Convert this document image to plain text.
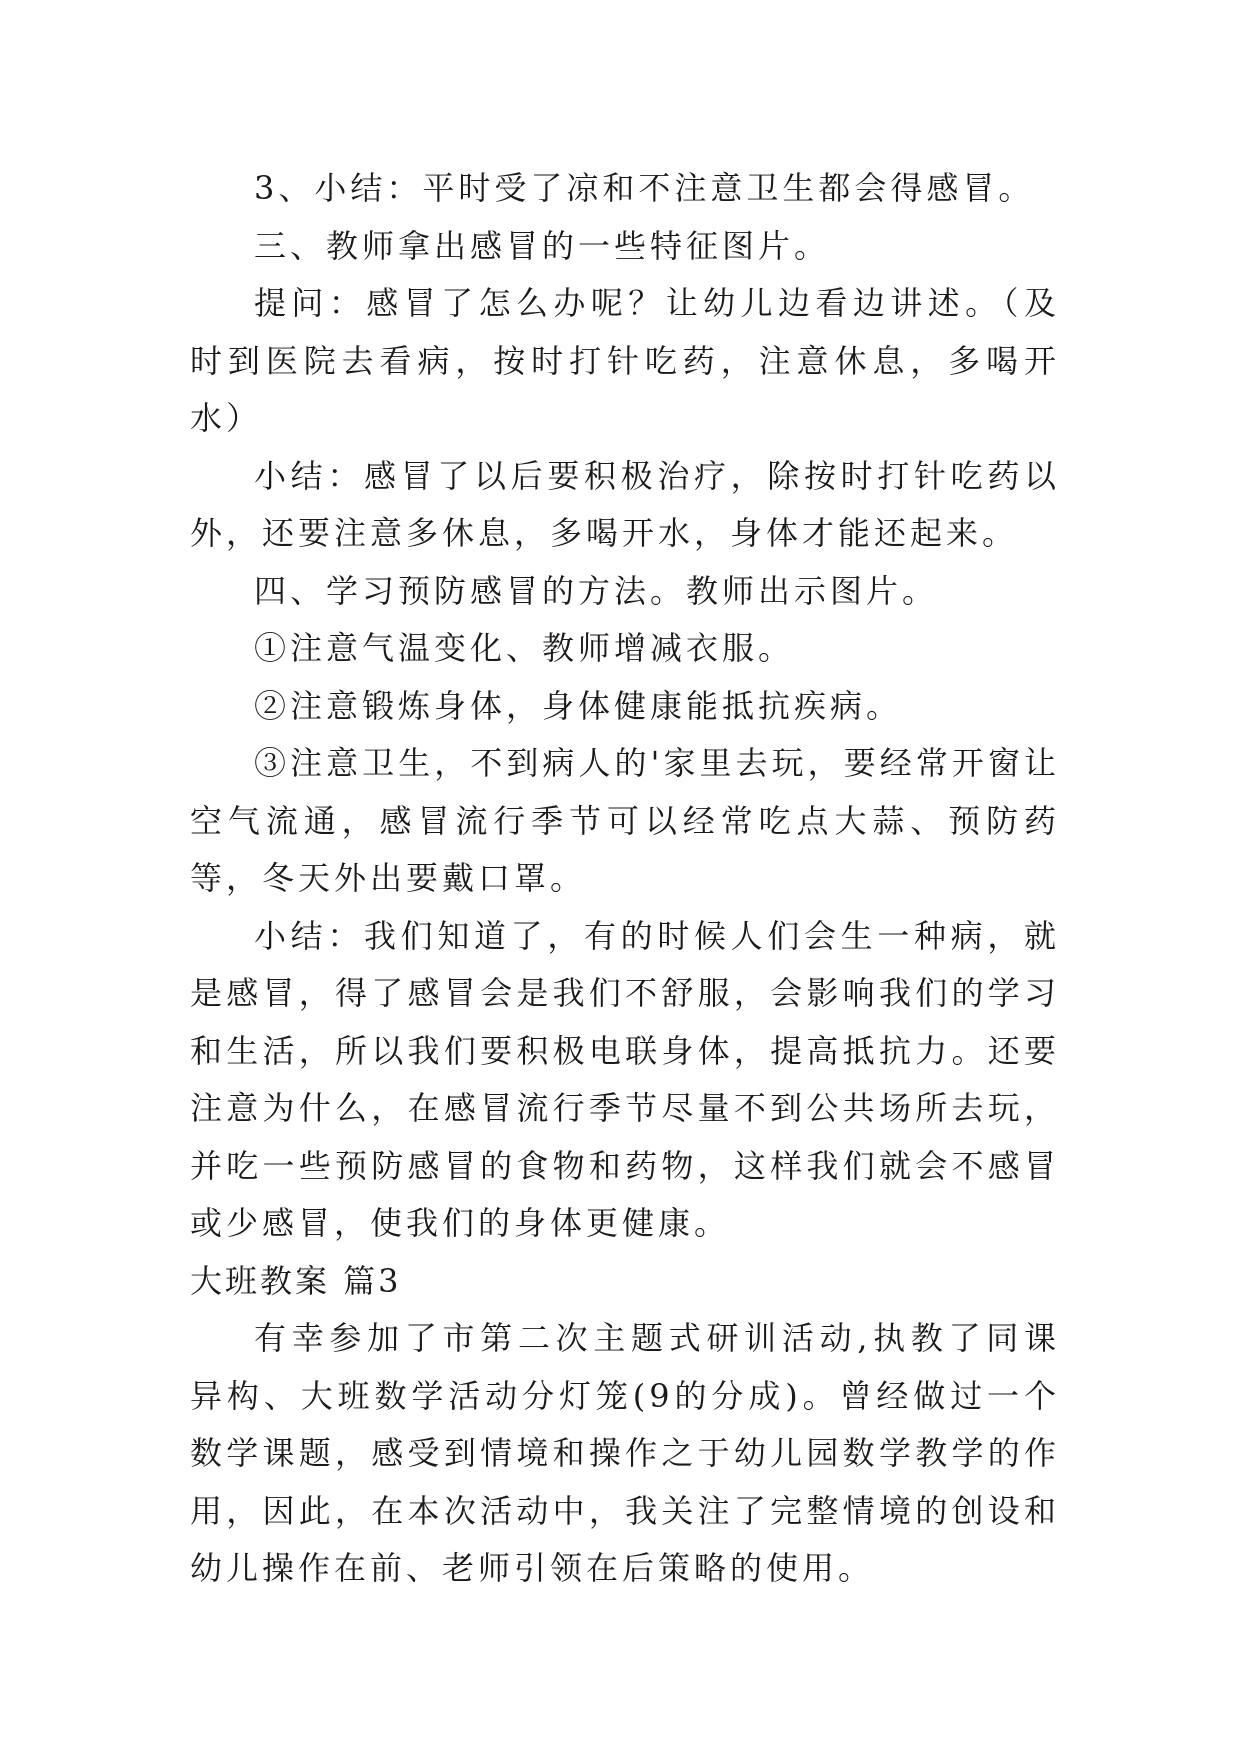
3、小结：平时受了凉和不注意卫生都会得感冒。

三、教师拿出感冒的一些特征图片。

提问：感冒了怎么办呢？让幼儿边看边讲述。（及时到医院去看病，按时打针吃药，注意休息，多喝开水）

小结：感冒了以后要积极治疗，除按时打针吃药以外，还要注意多休息，多喝开水，身体才能还起来。

四、学习预防感冒的方法。教师出示图片。

①注意气温变化、教师增减衣服。

②注意锻炼身体，身体健康能抵抗疾病。

③注意卫生，不到病人的'家里去玩，要经常开窗让空气流通，感冒流行季节可以经常吃点大蒜、预防药等，冬天外出要戴口罩。

小结：我们知道了，有的时候人们会生一种病，就是感冒，得了感冒会是我们不舒服，会影响我们的学习和生活，所以我们要积极电联身体，提高抵抗力。还要注意为什么，在感冒流行季节尽量不到公共场所去玩，并吃一些预防感冒的食物和药物，这样我们就会不感冒或少感冒，使我们的身体更健康。

大班教案 篇3

有幸参加了市第二次主题式研训活动,执教了同课异构、大班数学活动分灯笼(9的分成)。曾经做过一个数学课题，感受到情境和操作之于幼儿园数学教学的作用，因此，在本次活动中，我关注了完整情境的创设和幼儿操作在前、老师引领在后策略的使用。
